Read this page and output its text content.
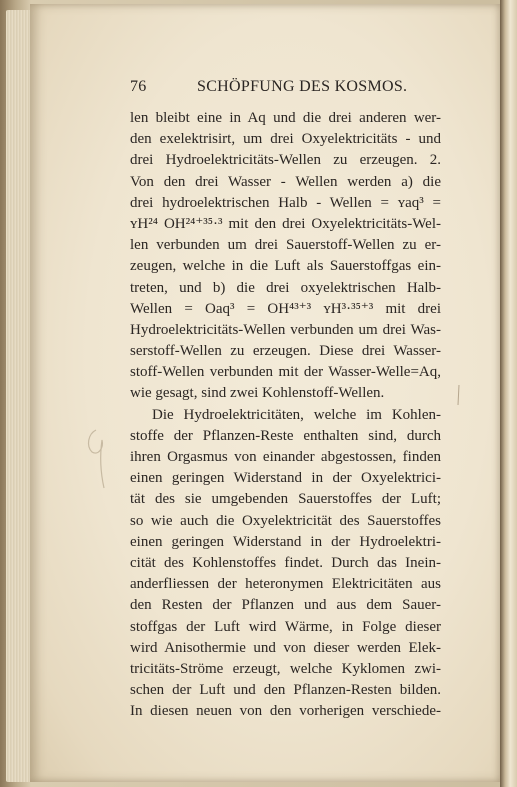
76	SCHÖPFUNG DES KOSMOS.
len bleibt eine in Aq und die drei anderen wer-
den exelektrisirt, um drei Oxyelektricitäts - und
drei Hydroelektricitäts-Wellen zu erzeugen. 2.
Von den drei Wasser - Wellen werden a) die
drei hydroelektrischen Halb - Wellen = ʏaq³ =
ʏH²⁴ OH²⁴⁺³⁵·³ mit den drei Oxyelektricitäts-Wel-
len verbunden um drei Sauerstoff-Wellen zu er-
zeugen, welche in die Luft als Sauerstoffgas ein-
treten, und b) die drei oxyelektrischen Halb-
Wellen = Oaq³ = OH⁴³⁺³ ʏH³·³⁵⁺³ mit drei
Hydroelektricitäts-Wellen verbunden um drei Was-
serstoff-Wellen zu erzeugen. Diese drei Wasser-
stoff-Wellen verbunden mit der Wasser-Welle=Aq,
wie gesagt, sind zwei Kohlenstoff-Wellen.
Die Hydroelektricitäten, welche im Kohlen-
stoffe der Pflanzen-Reste enthalten sind, durch
ihren Orgasmus von einander abgestossen, finden
einen geringen Widerstand in der Oxyelektrici-
tät des sie umgebenden Sauerstoffes der Luft;
so wie auch die Oxyelektricität des Sauerstoffes
einen geringen Widerstand in der Hydroelektri-
cität des Kohlenstoffes findet. Durch das Inein-
anderfliessen der heteronymen Elektricitäten aus
den Resten der Pflanzen und aus dem Sauer-
stoffgas der Luft wird Wärme, in Folge dieser
wird Anisothermie und von dieser werden Elek-
tricitäts-Ströme erzeugt, welche Kyklomen zwi-
schen der Luft und den Pflanzen-Resten bilden.
In diesen neuen von den vorherigen verschiede-
